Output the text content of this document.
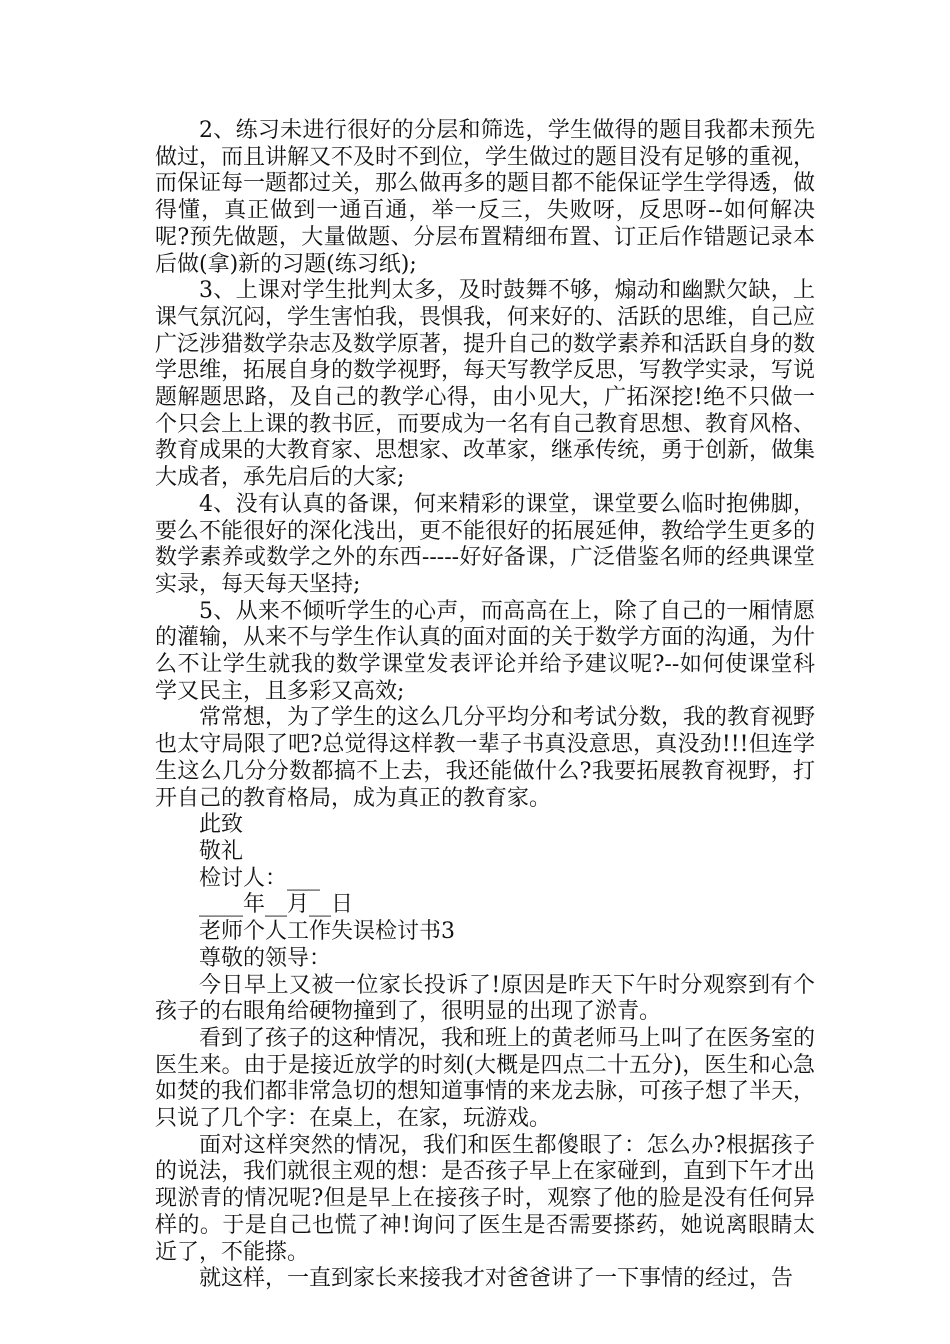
2、练习未进行很好的分层和筛选，学生做得的题目我都未预先做过，而且讲解又不及时不到位，学生做过的题目没有足够的重视，而保证每一题都过关，那么做再多的题目都不能保证学生学得透，做得懂，真正做到一通百通，举一反三，失败呀，反思呀--如何解决呢?预先做题，大量做题、分层布置精细布置、订正后作错题记录本后做(拿)新的习题(练习纸);

3、上课对学生批判太多，及时鼓舞不够，煽动和幽默欠缺，上课气氛沉闷，学生害怕我，畏惧我，何来好的、活跃的思维，自己应广泛涉猎数学杂志及数学原著，提升自己的数学素养和活跃自身的数学思维，拓展自身的数学视野，每天写教学反思，写教学实录，写说题解题思路，及自己的教学心得，由小见大，广拓深挖!绝不只做一个只会上上课的教书匠，而要成为一名有自己教育思想、教育风格、教育成果的大教育家、思想家、改革家，继承传统，勇于创新，做集大成者，承先启后的大家;

4、没有认真的备课，何来精彩的课堂，课堂要么临时抱佛脚，要么不能很好的深化浅出，更不能很好的拓展延伸，教给学生更多的数学素养或数学之外的东西-----好好备课，广泛借鉴名师的经典课堂实录，每天每天坚持;

5、从来不倾听学生的心声，而高高在上，除了自己的一厢情愿的灌输，从来不与学生作认真的面对面的关于数学方面的沟通，为什么不让学生就我的数学课堂发表评论并给予建议呢?--如何使课堂科学又民主，且多彩又高效;

常常想，为了学生的这么几分平均分和考试分数，我的教育视野也太守局限了吧?总觉得这样教一辈子书真没意思，真没劲!!!但连学生这么几分分数都搞不上去，我还能做什么?我要拓展教育视野，打开自己的教育格局，成为真正的教育家。

此致

敬礼

检讨人：___

____年__月__日

老师个人工作失误检讨书3

尊敬的领导：

今日早上又被一位家长投诉了!原因是昨天下午时分观察到有个孩子的右眼角给硬物撞到了，很明显的出现了淤青。

看到了孩子的这种情况，我和班上的黄老师马上叫了在医务室的医生来。由于是接近放学的时刻(大概是四点二十五分)，医生和心急如焚的我们都非常急切的想知道事情的来龙去脉，可孩子想了半天，只说了几个字：在桌上，在家，玩游戏。

面对这样突然的情况，我们和医生都傻眼了：怎么办?根据孩子的说法，我们就很主观的想：是否孩子早上在家碰到，直到下午才出现淤青的情况呢?但是早上在接孩子时，观察了他的脸是没有任何异样的。于是自己也慌了神!询问了医生是否需要搽药，她说离眼睛太近了，不能搽。

就这样，一直到家长来接我才对爸爸讲了一下事情的经过，告
